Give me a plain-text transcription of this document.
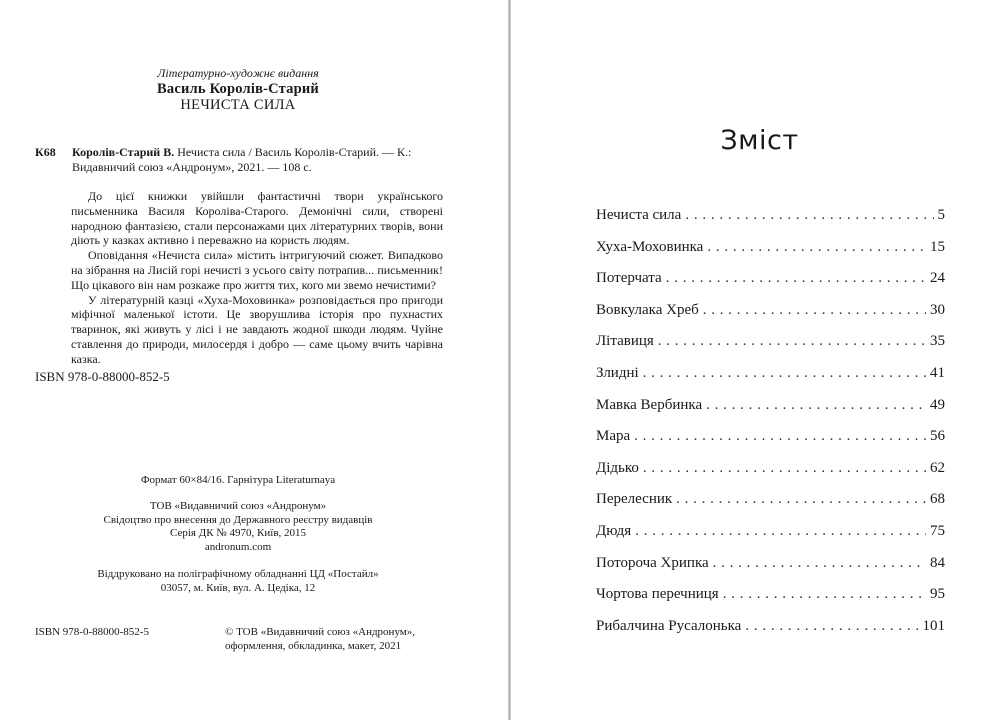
Літературно-художнє видання
Василь Королів-Старий
НЕЧИСТА СИЛА
К68 Королів-Старий В. Нечиста сила / Василь Королів-Старий. — К.: Видавничий союз «Андронум», 2021. — 108 с.

До цієї книжки увійшли фантастичні твори українського письменника Василя Короліва-Старого. Демонічні сили, створені народною фантазією, стали персонажами цих літературних творів, вони діють у казках активно і переважно на користь людям.

Оповідання «Нечиста сила» містить інтригуючий сюжет. Випадково на зібрання на Лисій горі нечисті з усього світу потрапив... письменник! Що цікавого він нам розкаже про життя тих, кого ми звемо нечистими?

У літературній казці «Хуха-Моховинка» розповідається про пригоди міфічної маленької істоти. Це зворушлива історія про пухнастих тваринок, які живуть у лісі і не завдають жодної шкоди людям. Чуйне ставлення до природи, милосердя і добро — саме цьому вчить чарівна казка.

ISBN 978-0-88000-852-5
Формат 60×84/16. Гарнітура Literaturnaya
ТОВ «Видавничий союз «Андронум»
Свідоцтво про внесення до Державного реєстру видавців
Серія ДК № 4970, Київ, 2015
andronum.com
Віддруковано на поліграфічному обладнанні ЦД «Постайл»
03057, м. Київ, вул. А. Цедіка, 12
ISBN 978-0-88000-852-5	© ТОВ «Видавничий союз «Андронум»,
оформлення, обкладинка, макет, 2021
Зміст
Нечиста сила . . .	5
Хуха-Моховинка . . .	15
Потерчата . . .	24
Вовкулака Хреб . . .	30
Літавиця . . .	35
Злидні . . .	41
Мавка Вербинка . . .	49
Мара . . .	56
Дідько . . .	62
Перелесник . . .	68
Дюдя . . .	75
Потороча Хрипка . . .	84
Чортова перечниця . . .	95
Рибалчина Русалонька . . .	101
